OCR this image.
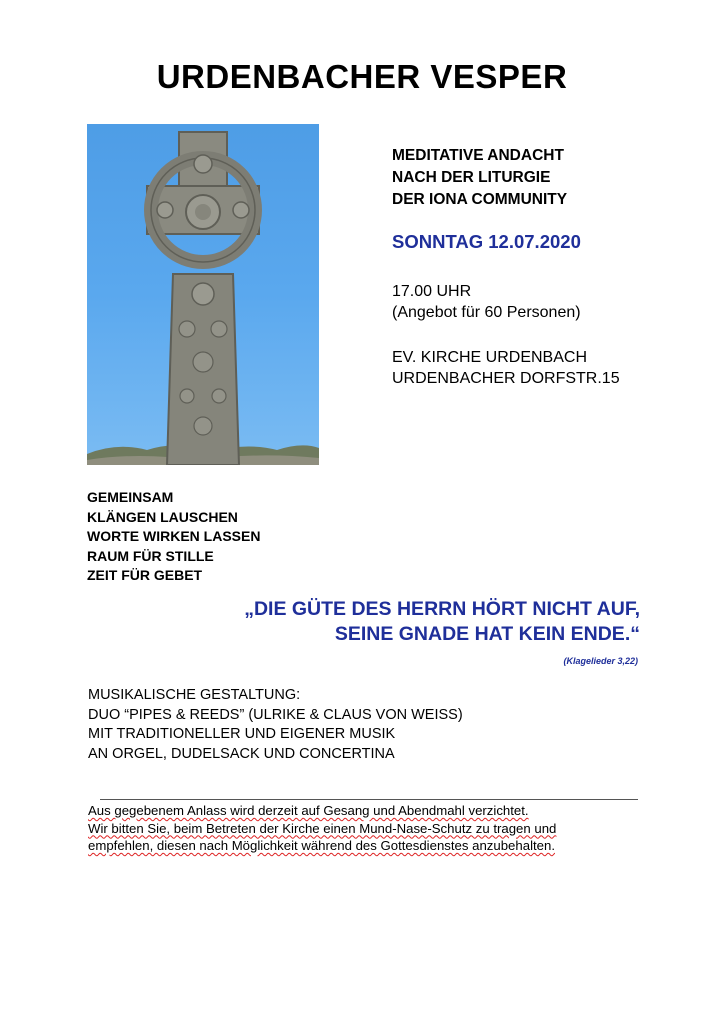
URDENBACHER VESPER
MEDITATIVE ANDACHT
NACH DER LITURGIE
DER IONA COMMUNITY
SONNTAG 12.07.2020
17.00 UHR
(Angebot für 60 Personen)
EV. KIRCHE URDENBACH
URDENBACHER DORFSTR.15
GEMEINSAM
KLÄNGEN LAUSCHEN
WORTE WIRKEN LASSEN
RAUM FÜR STILLE
ZEIT FÜR GEBET
„DIE GÜTE DES HERRN HÖRT NICHT AUF,
SEINE GNADE HAT KEIN ENDE.“
(Klagelieder 3,22)
MUSIKALISCHE GESTALTUNG:
DUO “PIPES & REEDS” (ULRIKE & CLAUS VON WEISS)
MIT TRADITIONELLER UND EIGENER MUSIK
AN ORGEL, DUDELSACK UND CONCERTINA
Aus gegebenem Anlass wird derzeit auf Gesang und Abendmahl verzichtet.
Wir bitten Sie, beim Betreten der Kirche einen Mund-Nase-Schutz zu tragen und
empfehlen, diesen nach Möglichkeit während des Gottesdienstes anzubehalten.
